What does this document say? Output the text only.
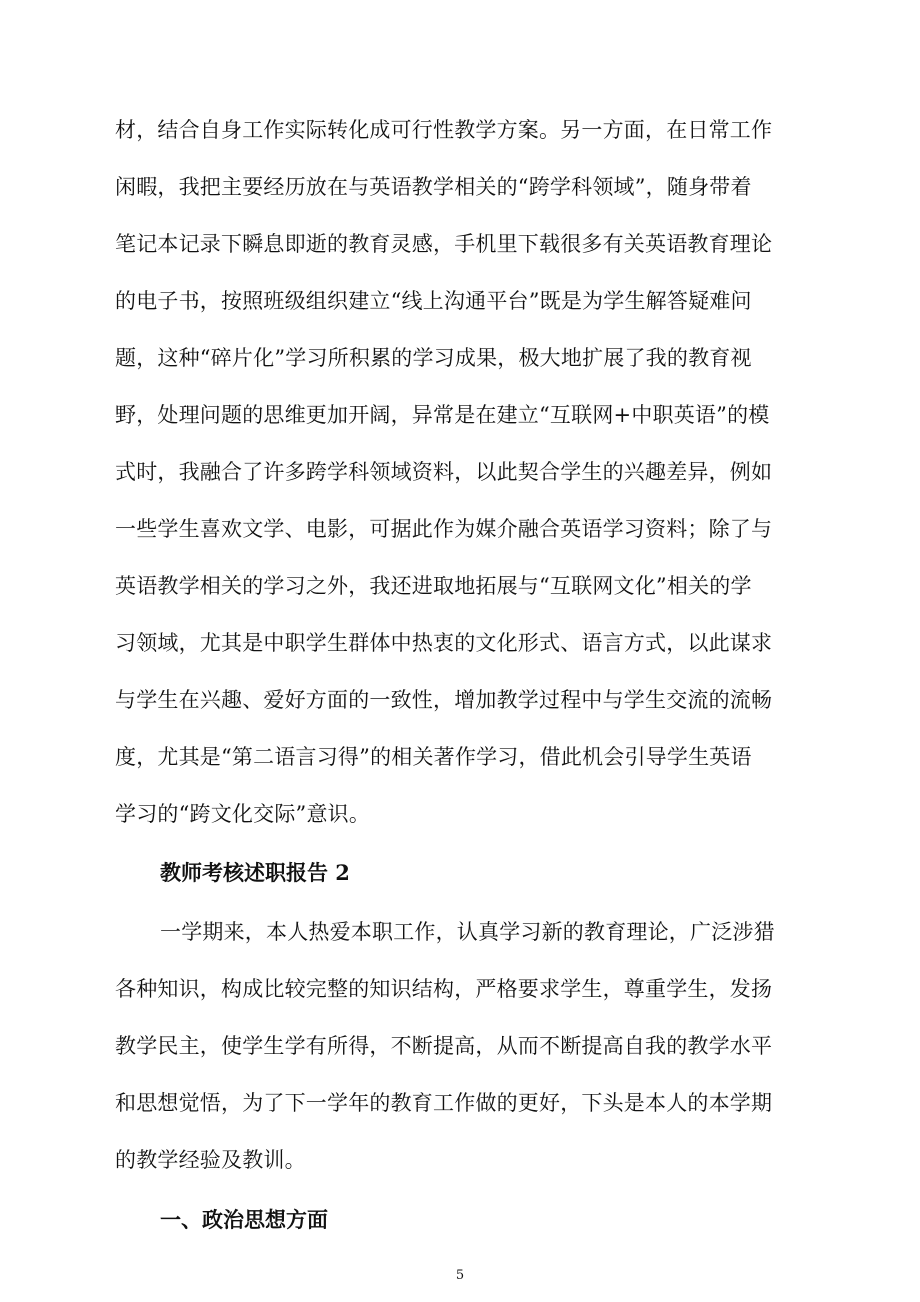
材，结合自身工作实际转化成可行性教学方案。另一方面，在日常工作
闲暇，我把主要经历放在与英语教学相关的“跨学科领域”，随身带着
笔记本记录下瞬息即逝的教育灵感，手机里下载很多有关英语教育理论
的电子书，按照班级组织建立“线上沟通平台”既是为学生解答疑难问
题，这种“碎片化”学习所积累的学习成果，极大地扩展了我的教育视
野，处理问题的思维更加开阔，异常是在建立“互联网+中职英语”的模
式时，我融合了许多跨学科领域资料，以此契合学生的兴趣差异，例如
一些学生喜欢文学、电影，可据此作为媒介融合英语学习资料；除了与
英语教学相关的学习之外，我还进取地拓展与“互联网文化”相关的学
习领域，尤其是中职学生群体中热衷的文化形式、语言方式，以此谋求
与学生在兴趣、爱好方面的一致性，增加教学过程中与学生交流的流畅
度，尤其是“第二语言习得”的相关著作学习，借此机会引导学生英语
学习的“跨文化交际”意识。
教师考核述职报告 2
一学期来，本人热爱本职工作，认真学习新的教育理论，广泛涉猎
各种知识，构成比较完整的知识结构，严格要求学生，尊重学生，发扬
教学民主，使学生学有所得，不断提高，从而不断提高自我的教学水平
和思想觉悟，为了下一学年的教育工作做的更好，下头是本人的本学期
的教学经验及教训。
一、政治思想方面
5
